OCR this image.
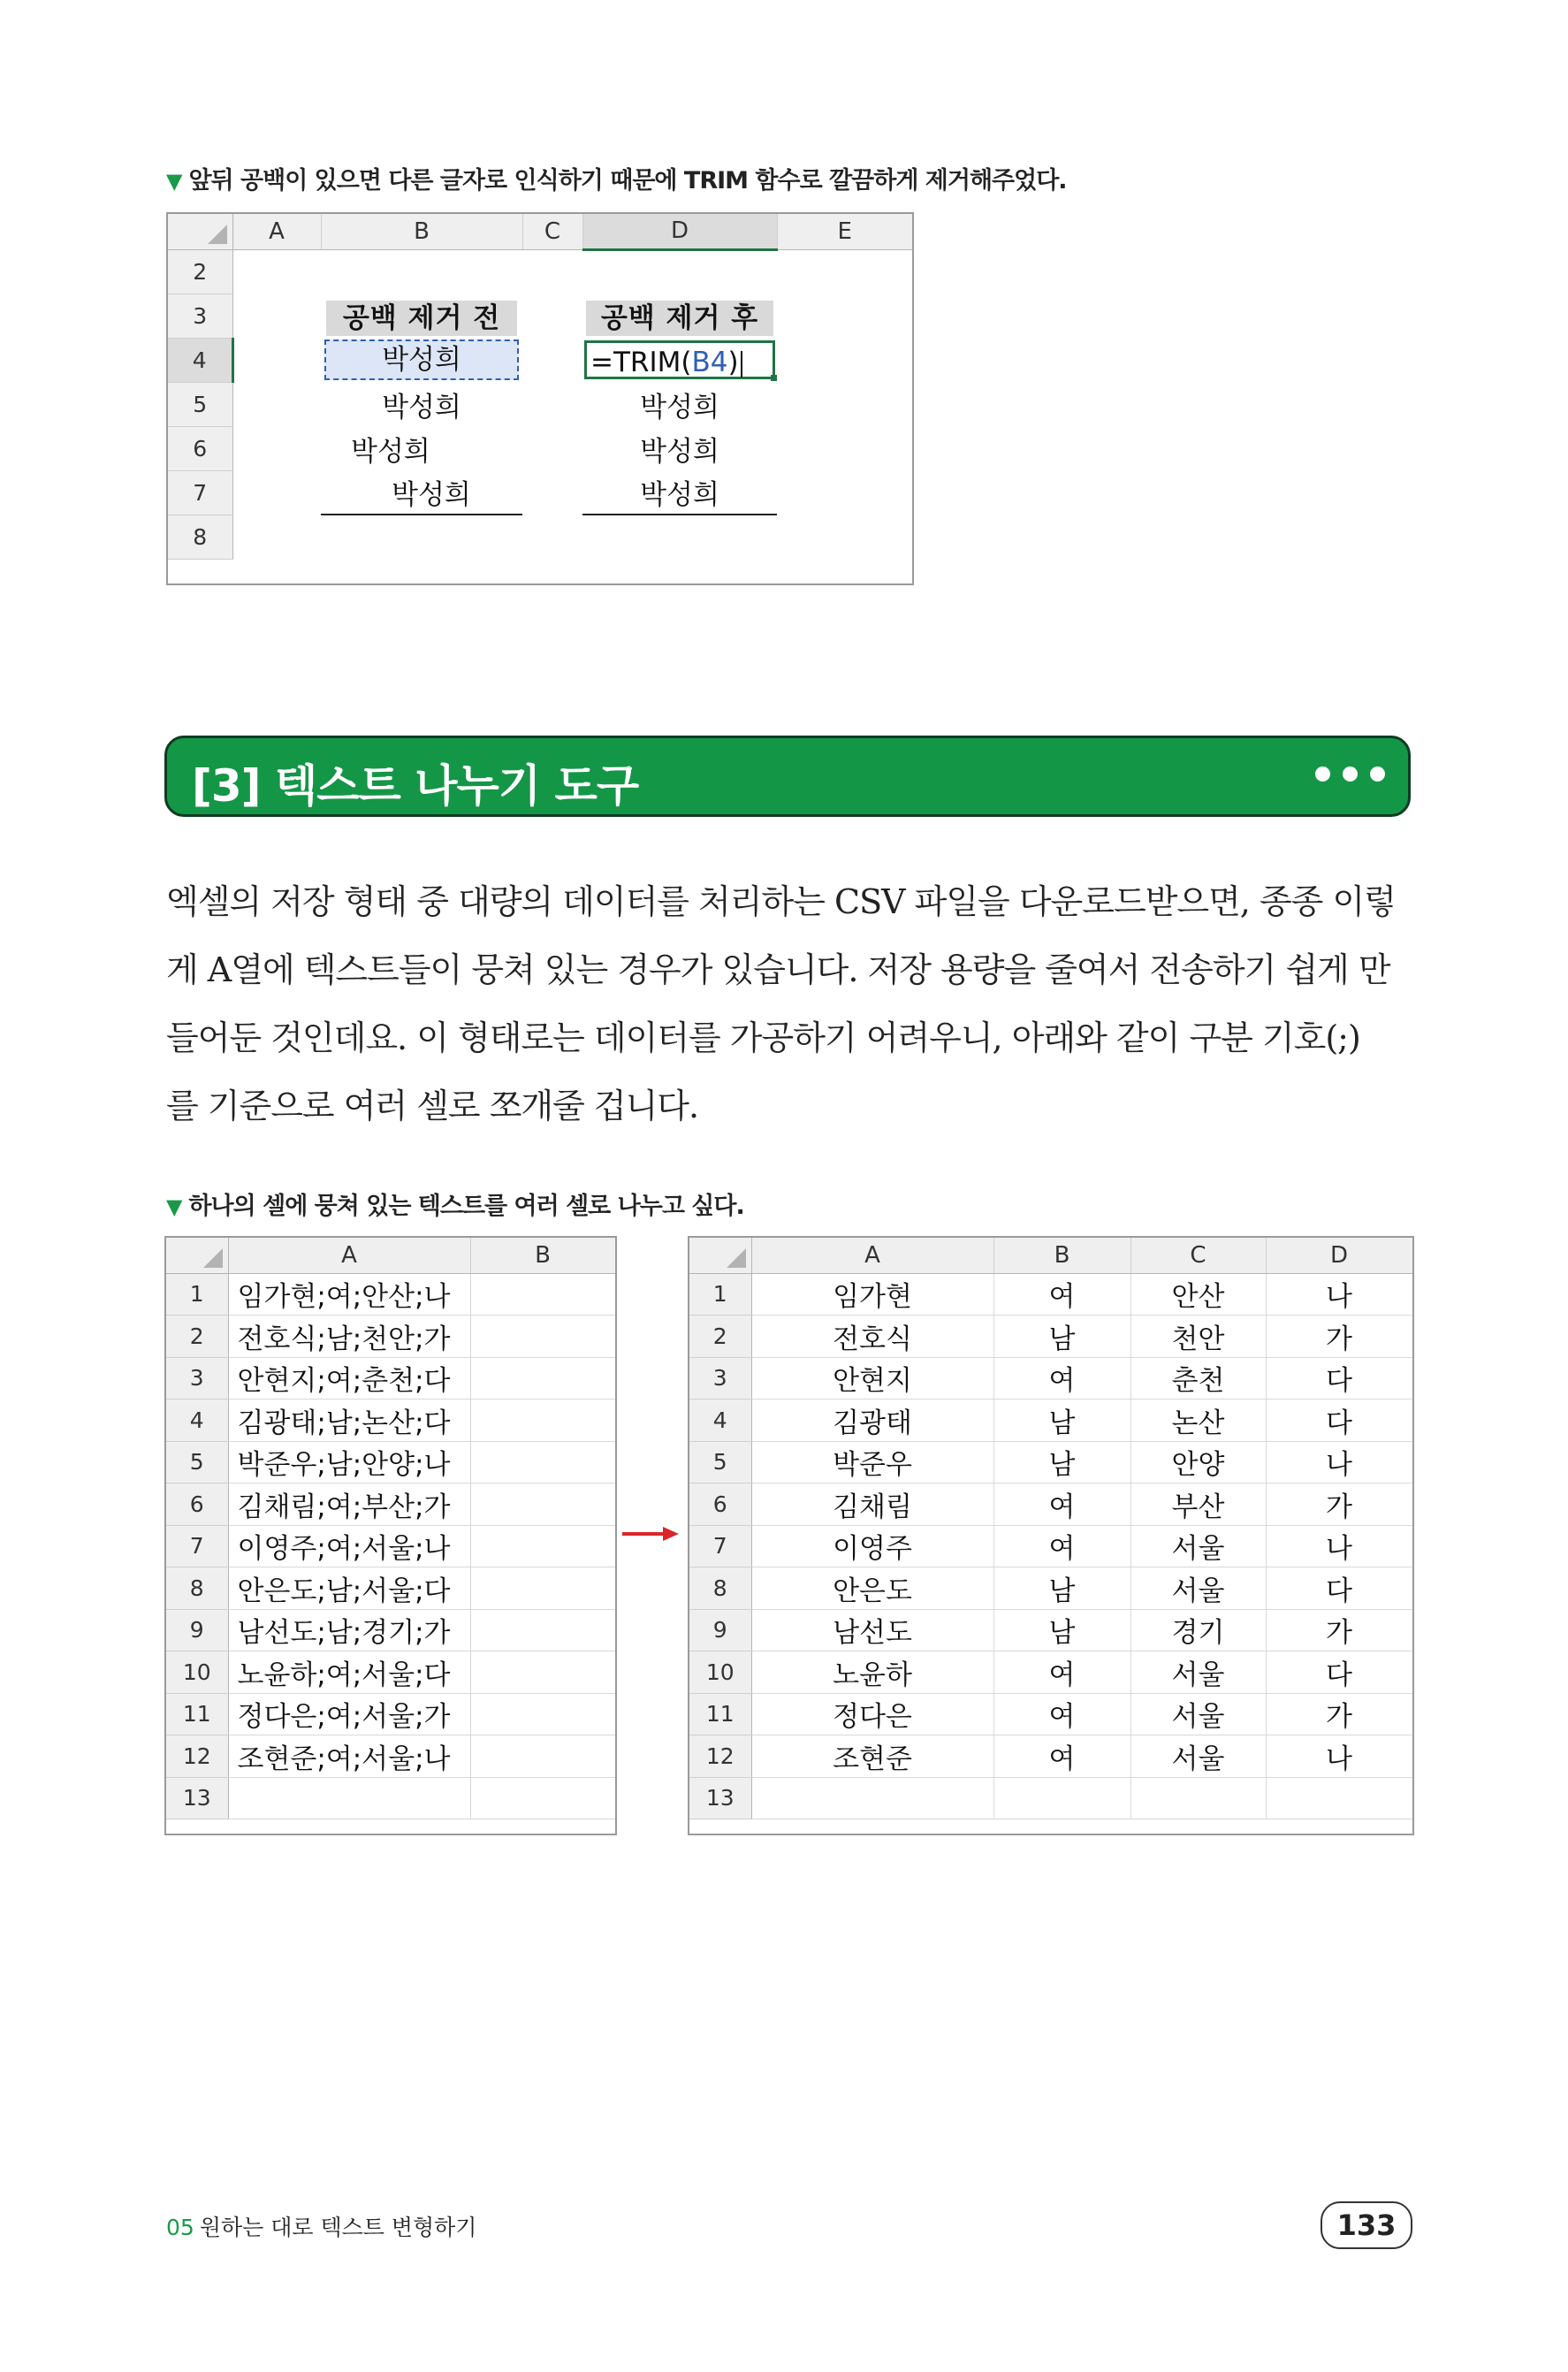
▼ 앞뒤 공백이 있으면 다른 글자로 인식하기 때문에 TRIM 함수로 깔끔하게 제거해주었다.
	A	B	C	D	E
2					
3		공백 제거 전		공백 제거 후	

4		박성희		=TRIM(B4)	

5		박성희		박성희	
6		박성희		박성희	
7		박성희		박성희	
8					
[3] 텍스트 나누기 도구

엑셀의 저장 형태 중 대량의 데이터를 처리하는 CSV 파일을 다운로드받으면, 종종 이렇

게 A열에 텍스트들이 뭉쳐 있는 경우가 있습니다. 저장 용량을 줄여서 전송하기 쉽게 만

들어둔 것인데요. 이 형태로는 데이터를 가공하기 어려우니, 아래와 같이 구분 기호(;)

를 기준으로 여러 셀로 쪼개줄 겁니다.

▼ 하나의 셀에 뭉쳐 있는 텍스트를 여러 셀로 나누고 싶다.
	A	B
1	임가현;여;안산;나	
2	전호식;남;천안;가	
3	안현지;여;춘천;다	
4	김광태;남;논산;다	
5	박준우;남;안양;나	
6	김채림;여;부산;가	
7	이영주;여;서울;나	
8	안은도;남;서울;다	
9	남선도;남;경기;가	
10	노윤하;여;서울;다	
11	정다은;여;서울;가	
12	조현준;여;서울;나	
13		
	A	B	C	D
1	임가현	여	안산	나
2	전호식	남	천안	가
3	안현지	여	춘천	다
4	김광태	남	논산	다
5	박준우	남	안양	나
6	김채림	여	부산	가
7	이영주	여	서울	나
8	안은도	남	서울	다
9	남선도	남	경기	가
10	노윤하	여	서울	다
11	정다은	여	서울	가
12	조현준	여	서울	나
13				
05 원하는 대로 텍스트 변형하기	133
